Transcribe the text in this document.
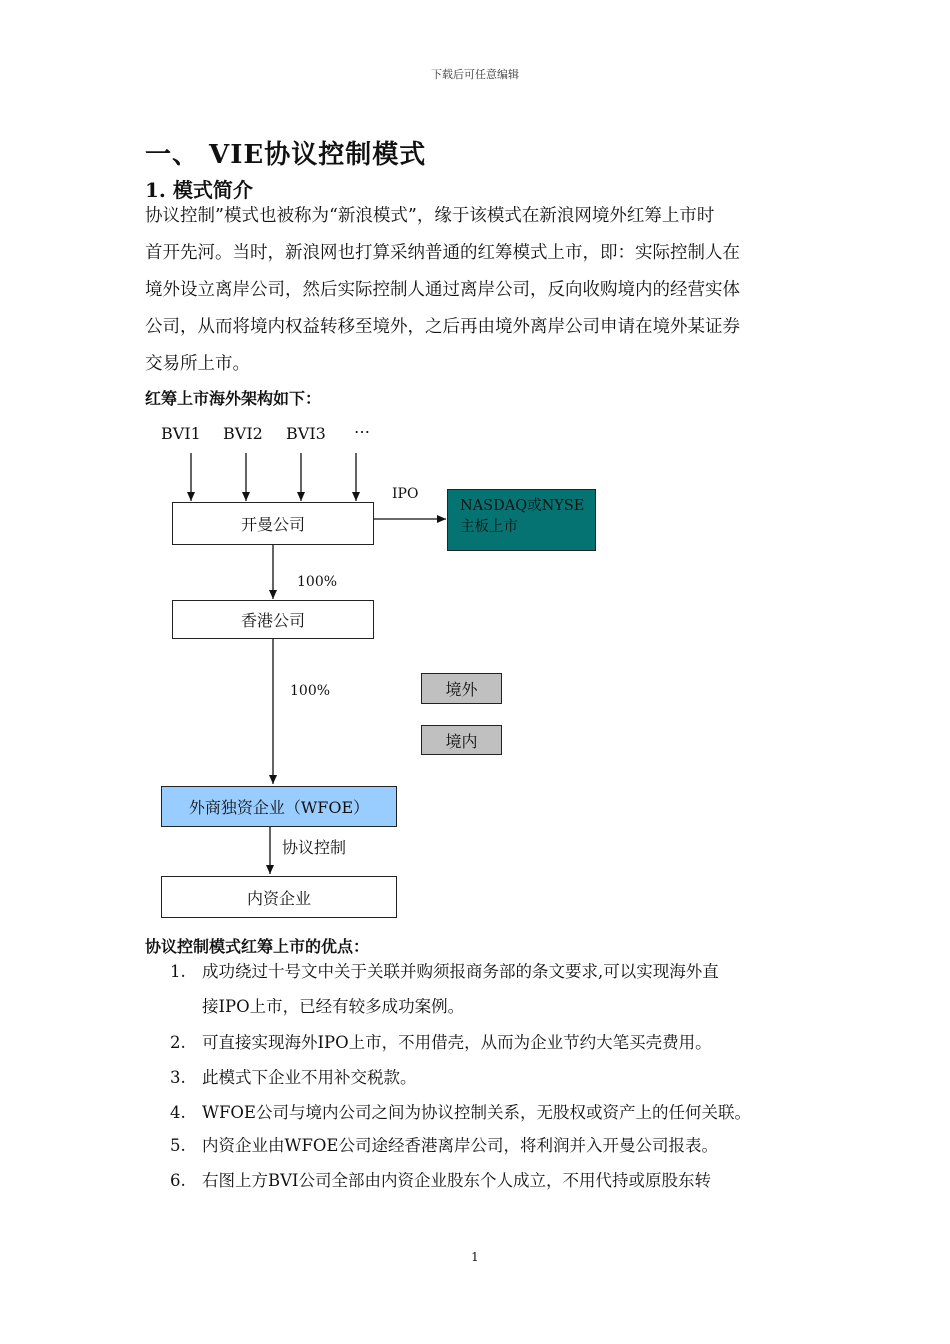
下载后可任意编辑
一、 VIE协议控制模式
1. 模式简介
协议控制”模式也被称为“新浪模式”，缘于该模式在新浪网境外红筹上市时
首开先河。当时，新浪网也打算采纳普通的红筹模式上市，即：实际控制人在
境外设立离岸公司，然后实际控制人通过离岸公司，反向收购境内的经营实体
公司，从而将境内权益转移至境外，之后再由境外离岸公司申请在境外某证券
交易所上市。
红筹上市海外架构如下：
BVI1 BVI2 BVI3 …
开曼公司
IPO
NASDAQ或NYSE
主板上市
100%
香港公司
100%	境外
境内
外商独资企业（WFOE）
协议控制
内资企业
协议控制模式红筹上市的优点：
1. 成功绕过十号文中关于关联并购须报商务部的条文要求,可以实现海外直
接IPO上市，已经有较多成功案例。
2. 可直接实现海外IPO上市，不用借壳，从而为企业节约大笔买壳费用。
3. 此模式下企业不用补交税款。
4. WFOE公司与境内公司之间为协议控制关系，无股权或资产上的任何关联。
5. 内资企业由WFOE公司途经香港离岸公司，将利润并入开曼公司报表。
6. 右图上方BVI公司全部由内资企业股东个人成立，不用代持或原股东转
1
